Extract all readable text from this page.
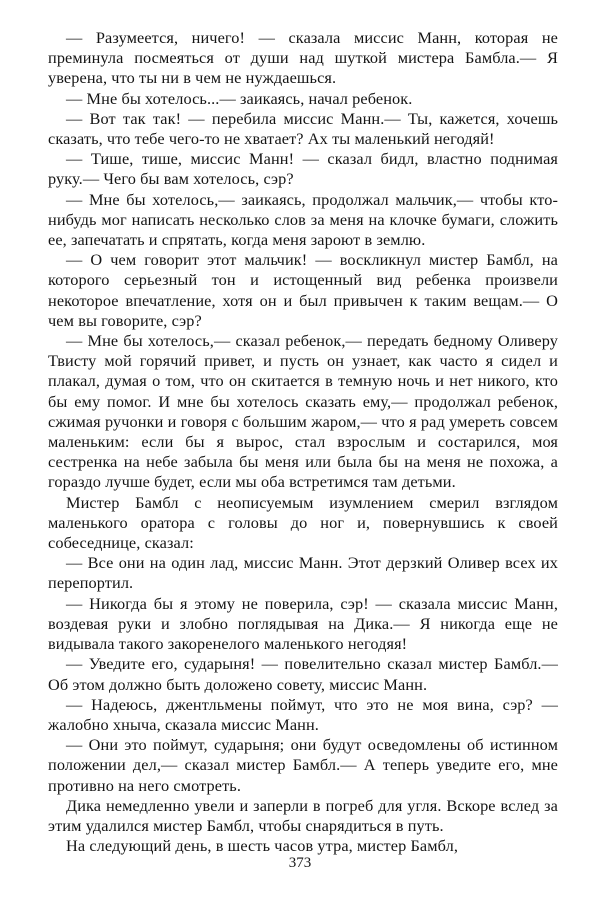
— Разумеется, ничего! — сказала миссис Манн, которая не преминула посмеяться от души над шуткой мистера Бамбла.— Я уверена, что ты ни в чем не нуждаешься.

— Мне бы хотелось...— заикаясь, начал ребенок.

— Вот так так! — перебила миссис Манн.— Ты, кажется, хочешь сказать, что тебе чего-то не хватает? Ах ты маленький негодяй!

— Тише, тише, миссис Манн! — сказал бидл, властно поднимая руку.— Чего бы вам хотелось, сэр?

— Мне бы хотелось,— заикаясь, продолжал мальчик,— чтобы кто-нибудь мог написать несколько слов за меня на клочке бумаги, сложить ее, запечатать и спрятать, когда меня зароют в землю.

— О чем говорит этот мальчик! — воскликнул мистер Бамбл, на которого серьезный тон и истощенный вид ребенка произвели некоторое впечатление, хотя он и был привычен к таким вещам.— О чем вы говорите, сэр?

— Мне бы хотелось,— сказал ребенок,— передать бедному Оливеру Твисту мой горячий привет, и пусть он узнает, как часто я сидел и плакал, думая о том, что он скитается в темную ночь и нет никого, кто бы ему помог. И мне бы хотелось сказать ему,— продолжал ребенок, сжимая ручонки и говоря с большим жаром,— что я рад умереть совсем маленьким: если бы я вырос, стал взрослым и состарился, моя сестренка на небе забыла бы меня или была бы на меня не похожа, а гораздо лучше будет, если мы оба встретимся там детьми.

Мистер Бамбл с неописуемым изумлением смерил взглядом маленького оратора с головы до ног и, повернувшись к своей собеседнице, сказал:

— Все они на один лад, миссис Манн. Этот дерзкий Оливер всех их перепортил.

— Никогда бы я этому не поверила, сэр! — сказала миссис Манн, воздевая руки и злобно поглядывая на Дика.— Я никогда еще не видывала такого закоренелого маленького негодяя!

— Уведите его, сударыня! — повелительно сказал мистер Бамбл.— Об этом должно быть доложено совету, миссис Манн.

— Надеюсь, джентльмены поймут, что это не моя вина, сэр? — жалобно хныча, сказала миссис Манн.

— Они это поймут, сударыня; они будут осведомлены об истинном положении дел,— сказал мистер Бамбл.— А теперь уведите его, мне противно на него смотреть.

Дика немедленно увели и заперли в погреб для угля. Вскоре вслед за этим удалился мистер Бамбл, чтобы снарядиться в путь.

На следующий день, в шесть часов утра, мистер Бамбл,

373
